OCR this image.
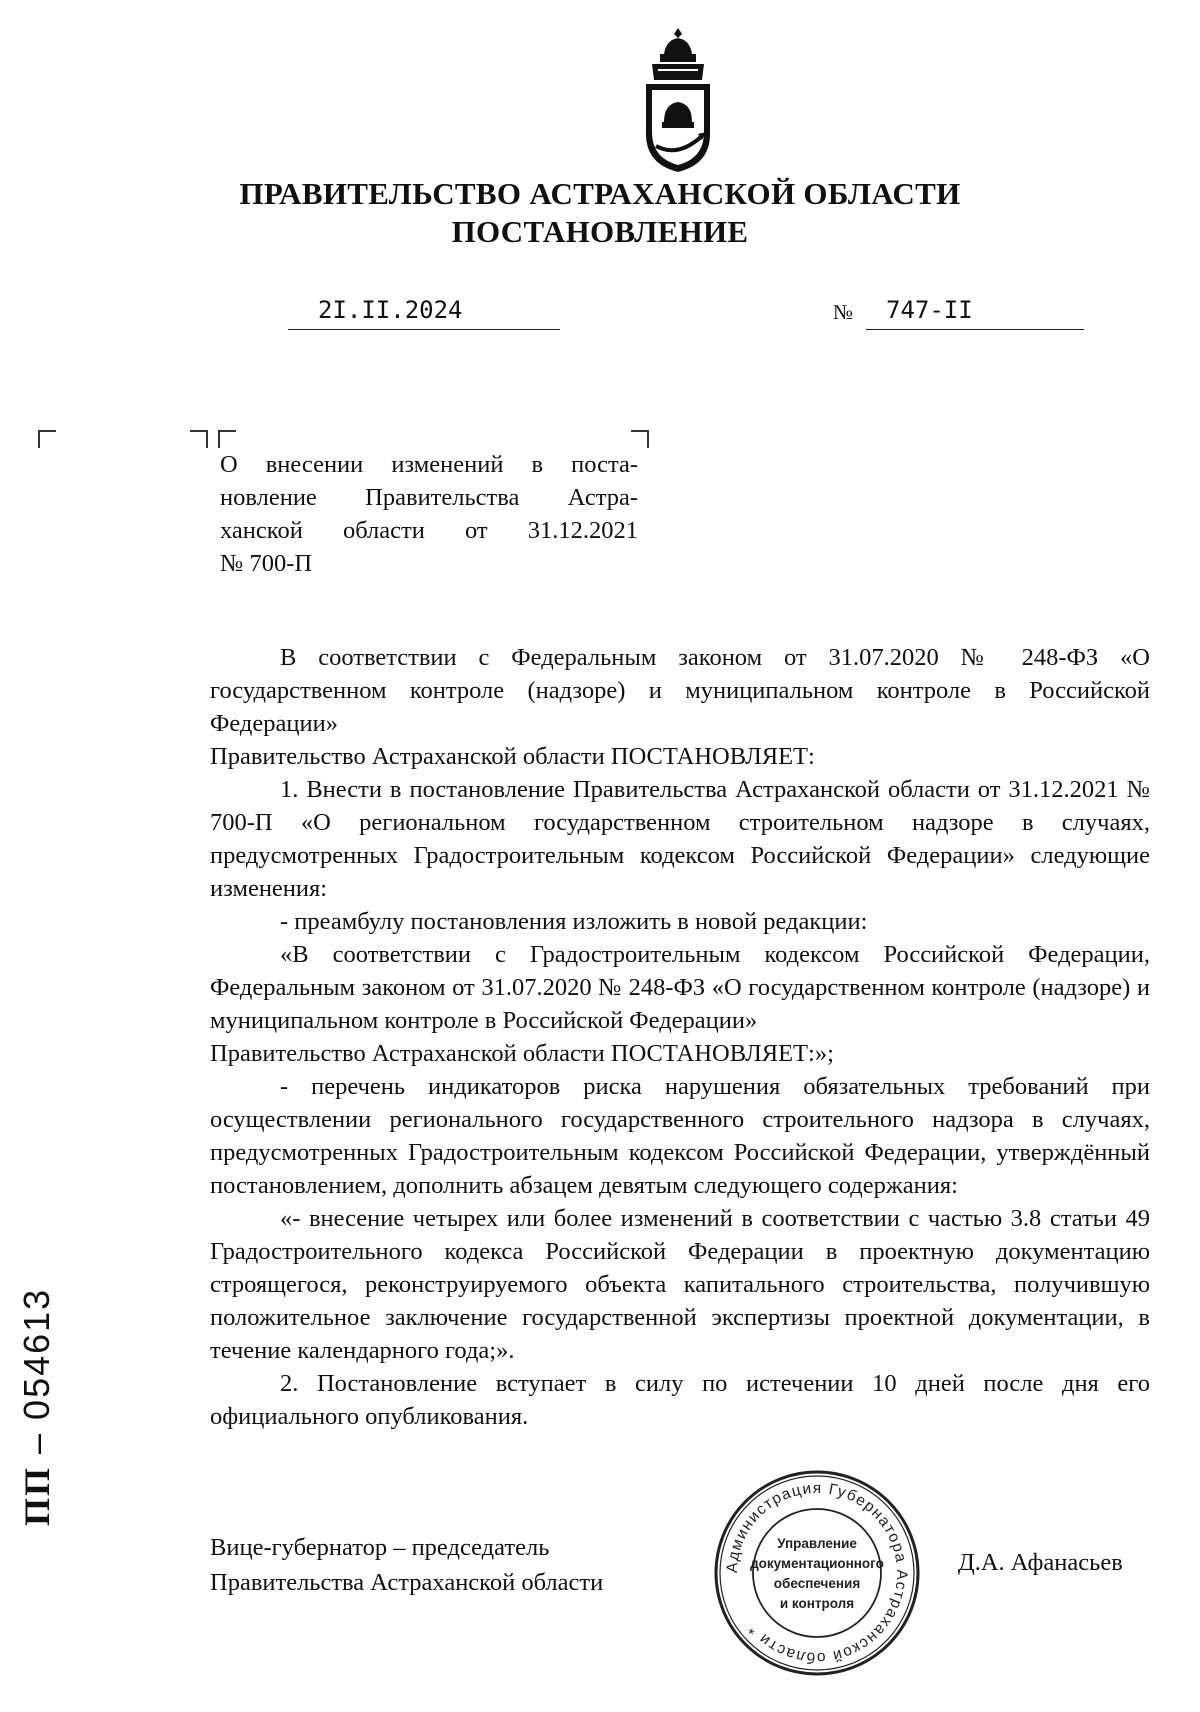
ПРАВИТЕЛЬСТВО АСТРАХАНСКОЙ ОБЛАСТИ
ПОСТАНОВЛЕНИЕ
2I.II.2024	№	747-II
О внесении изменений в поста-
новление Правительства Астра-
ханской области от 31.12.2021
№ 700-П

В соответствии с Федеральным законом от 31.07.2020 № 248-ФЗ «О государственном контроле (надзоре) и муниципальном контроле в Российской Федерации»

Правительство Астраханской области ПОСТАНОВЛЯЕТ:

1. Внести в постановление Правительства Астраханской области от 31.12.2021 № 700-П «О региональном государственном строительном надзоре в случаях, предусмотренных Градостроительным кодексом Российской Федерации» следующие изменения:

- преамбулу постановления изложить в новой редакции:

«В соответствии с Градостроительным кодексом Российской Федерации, Федеральным законом от 31.07.2020 № 248-ФЗ «О государственном контроле (надзоре) и муниципальном контроле в Российской Федерации»

Правительство Астраханской области ПОСТАНОВЛЯЕТ:»;

- перечень индикаторов риска нарушения обязательных требований при осуществлении регионального государственного строительного надзора в случаях, предусмотренных Градостроительным кодексом Российской Федерации, утверждённый постановлением, дополнить абзацем девятым следующего содержания:

«- внесение четырех или более изменений в соответствии с частью 3.8 статьи 49 Градостроительного кодекса Российской Федерации в проектную документацию строящегося, реконструируемого объекта капитального строительства, получившую положительное заключение государственной экспертизы проектной документации, в течение календарного года;».

2. Постановление вступает в силу по истечении 10 дней после дня его официального опубликования.

Вице-губернатор – председатель
Правительства Астраханской области
Д.А. Афанасьев
Администрация Губернатора Астраханской области *
Управление
документационного
обеспечения
и контроля
ПП – 054613
